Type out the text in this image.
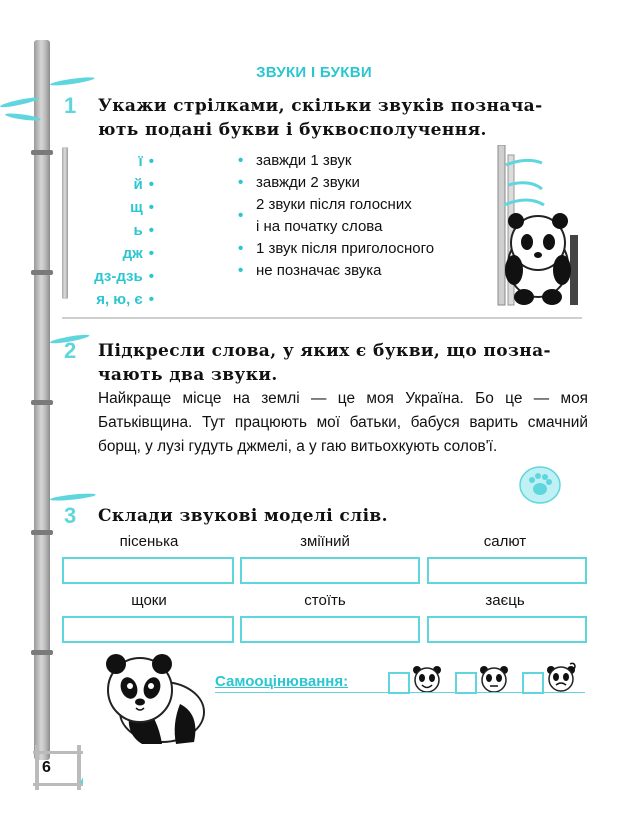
ЗВУКИ І БУКВИ
1 Укажи стрілками, скільки звуків познача-
ють подані букви і буквосполучення.
ї •
й •
щ •
ь •
дж •
дз-дзь •
я, ю, є •
• завжди 1 звук
• завжди 2 звуки
•
2 звуки після голосних
і на початку слова
• 1 звук після приголосного
• не позначає звука
2 Підкресли слова, у яких є букви, що позна-
чають два звуки.
Найкраще місце на землі — це моя Україна. Бо це — моя Батьківщина. Тут працюють мої батьки, бабуся варить смачний борщ, у лузі гудуть джмелі, а у гаю витьохкують солов'ї.
3 Склади звукові моделі слів.
пісенька	зміїний	салют
щоки	стоїть	заєць
Самооцінювання:
6
